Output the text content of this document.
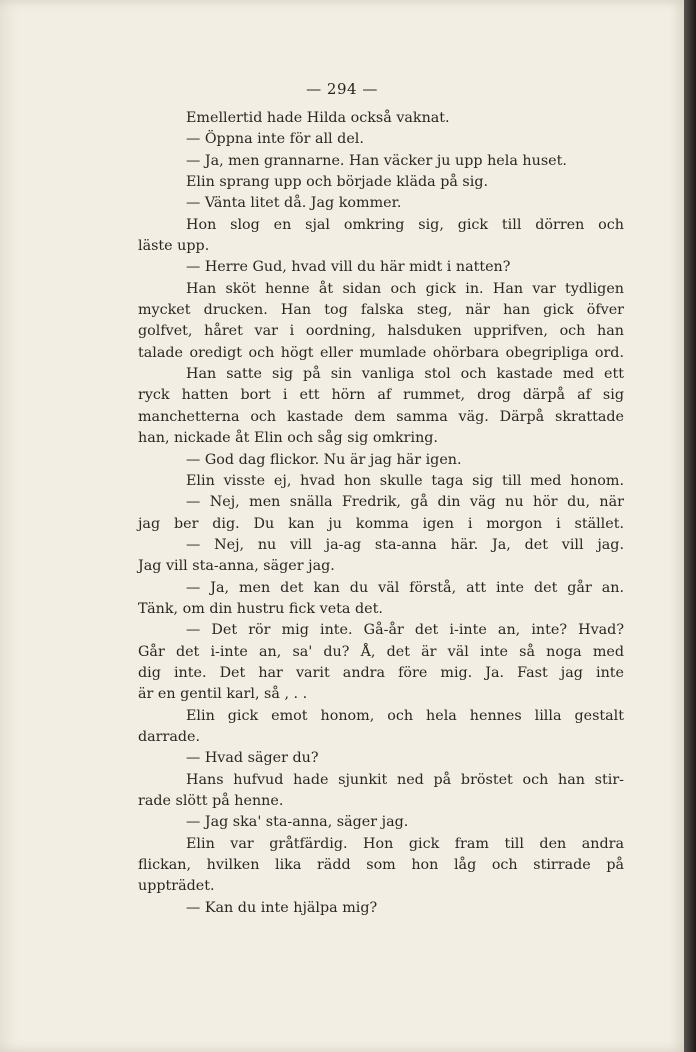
— 294 —
Emellertid hade Hilda också vaknat.
— Öppna inte för all del.
— Ja, men grannarne. Han väcker ju upp hela huset.
Elin sprang upp och började kläda på sig.
— Vänta litet då. Jag kommer.
Hon slog en sjal omkring sig, gick till dörren och
läste upp.
— Herre Gud, hvad vill du här midt i natten?
Han sköt henne åt sidan och gick in. Han var tydligen
mycket drucken. Han tog falska steg, när han gick öfver
golfvet, håret var i oordning, halsduken upprifven, och han
talade oredigt och högt eller mumlade ohörbara obegripliga ord.
Han satte sig på sin vanliga stol och kastade med ett
ryck hatten bort i ett hörn af rummet, drog därpå af sig
manchetterna och kastade dem samma väg. Därpå skrattade
han, nickade åt Elin och såg sig omkring.
— God dag flickor. Nu är jag här igen.
Elin visste ej, hvad hon skulle taga sig till med honom.
— Nej, men snälla Fredrik, gå din väg nu hör du, när
jag ber dig. Du kan ju komma igen i morgon i stället.
— Nej, nu vill ja-ag sta-anna här. Ja, det vill jag.
Jag vill sta-anna, säger jag.
— Ja, men det kan du väl förstå, att inte det går an.
Tänk, om din hustru fick veta det.
— Det rör mig inte. Gå-år det i-inte an, inte? Hvad?
Går det i-inte an, sa' du? Å, det är väl inte så noga med
dig inte. Det har varit andra före mig. Ja. Fast jag inte
är en gentil karl, så , . .
Elin gick emot honom, och hela hennes lilla gestalt
darrade.
— Hvad säger du?
Hans hufvud hade sjunkit ned på bröstet och han stir-
rade slött på henne.
— Jag ska' sta-anna, säger jag.
Elin var gråtfärdig. Hon gick fram till den andra
flickan, hvilken lika rädd som hon låg och stirrade på
uppträdet.
— Kan du inte hjälpa mig?
